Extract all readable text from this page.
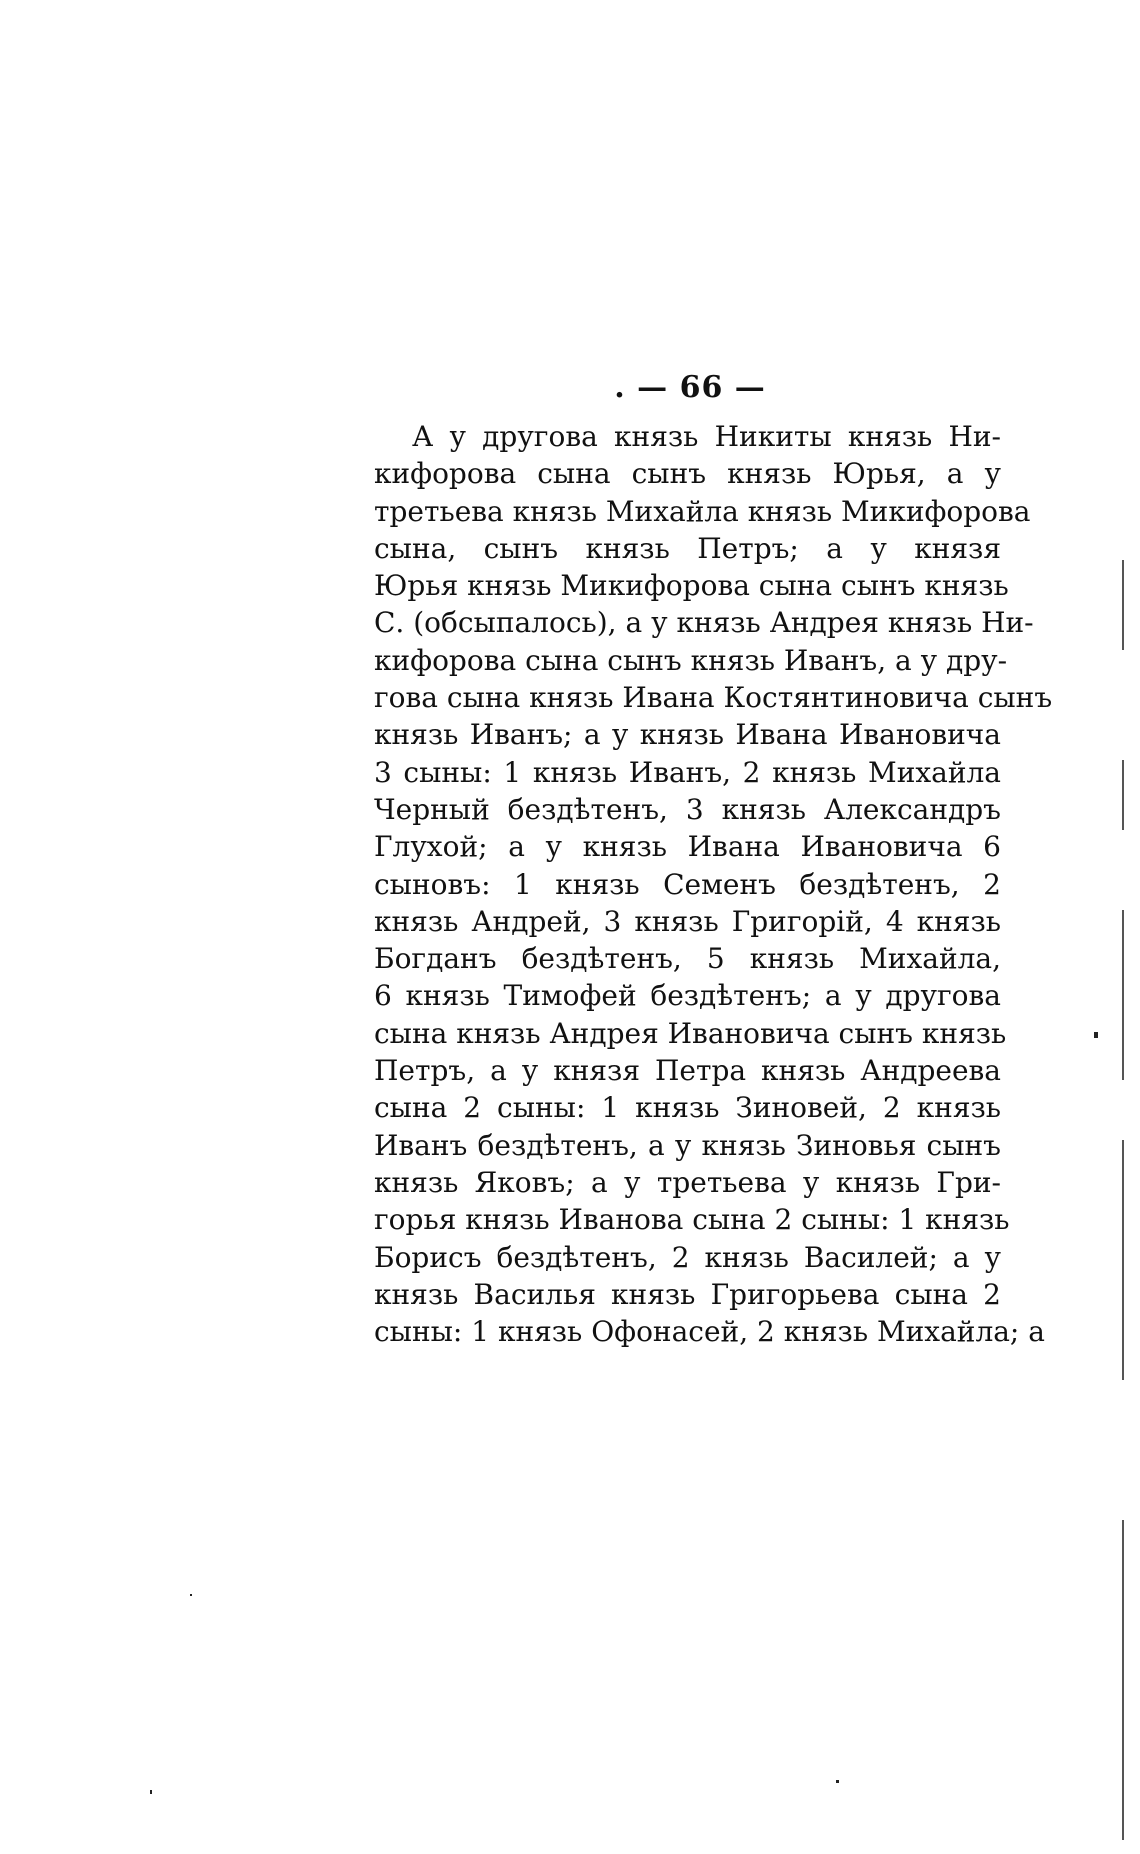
. — 66 —
А у другова князь Никиты князь Ни-
кифорова сына сынъ князь Юрья, а у
третьева князь Михайла князь Микифорова
сына, сынъ князь Петръ; а у князя
Юрья князь Микифорова сына сынъ князь
С. (обсыпалось), а у князь Андрея князь Ни-
кифорова сына сынъ князь Иванъ, а у дру-
гова сына князь Ивана Костянтиновича сынъ
князь Иванъ; а у князь Ивана Ивановича
3 сыны: 1 князь Иванъ, 2 князь Михайла
Черный бездѣтенъ, 3 князь Александръ
Глухой; а у князь Ивана Ивановича 6
сыновъ: 1 князь Семенъ бездѣтенъ, 2
князь Андрей, 3 князь Григорій, 4 князь
Богданъ бездѣтенъ, 5 князь Михайла,
6 князь Тимофей бездѣтенъ; а у другова
сына князь Андрея Ивановича сынъ князь
Петръ, а у князя Петра князь Андреева
сына 2 сыны: 1 князь Зиновей, 2 князь
Иванъ бездѣтенъ, а у князь Зиновья сынъ
князь Яковъ; а у третьева у князь Гри-
горья князь Иванова сына 2 сыны: 1 князь
Борисъ бездѣтенъ, 2 князь Василей; а у
князь Василья князь Григорьева сына 2
сыны: 1 князь Офонасей, 2 князь Михайла; а
